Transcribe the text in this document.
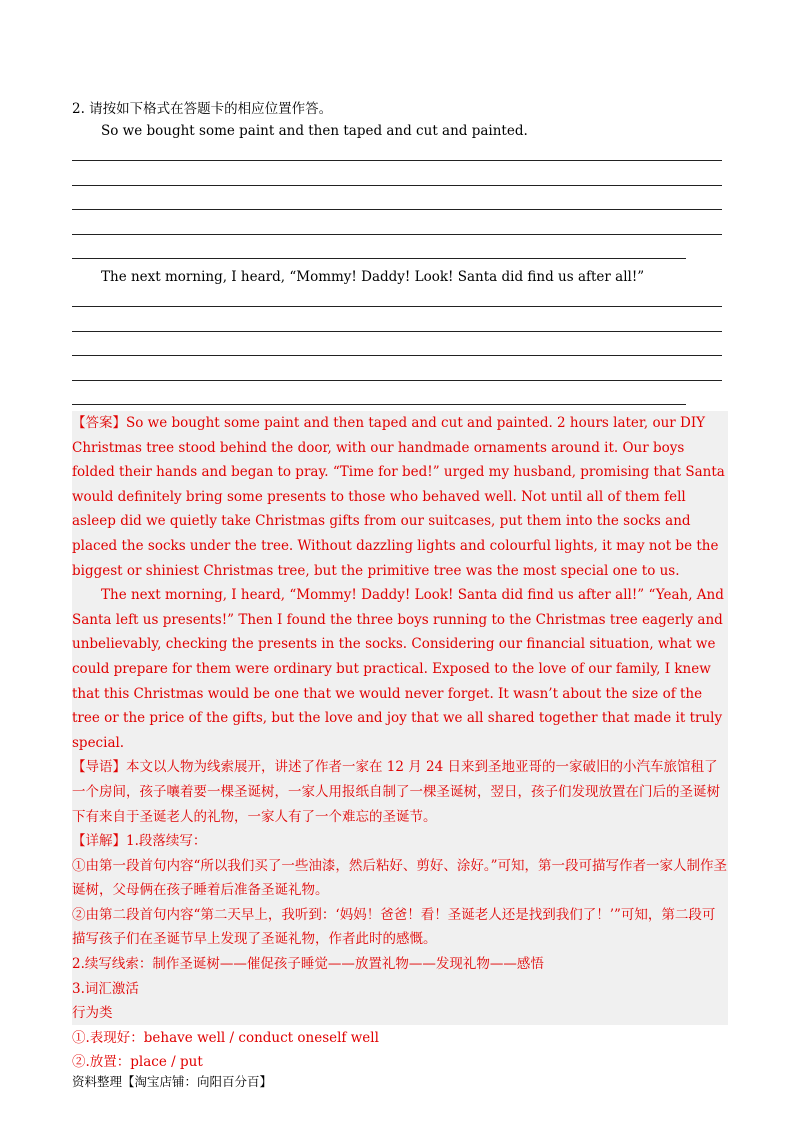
2. 请按如下格式在答题卡的相应位置作答。
So we bought some paint and then taped and cut and painted.
The next morning, I heard, “Mommy! Daddy! Look! Santa did find us after all!”

【答案】So we bought some paint and then taped and cut and painted. 2 hours later, our DIY Christmas tree stood behind the door, with our handmade ornaments around it. Our boys folded their hands and began to pray. “Time for bed!” urged my husband, promising that Santa would definitely bring some presents to those who behaved well. Not until all of them fell asleep did we quietly take Christmas gifts from our suitcases, put them into the socks and placed the socks under the tree. Without dazzling lights and colourful lights, it may not be the biggest or shiniest Christmas tree, but the primitive tree was the most special one to us.

The next morning, I heard, “Mommy! Daddy! Look! Santa did find us after all!” “Yeah, And Santa left us presents!” Then I found the three boys running to the Christmas tree eagerly and unbelievably, checking the presents in the socks. Considering our financial situation, what we could prepare for them were ordinary but practical. Exposed to the love of our family, I knew that this Christmas would be one that we would never forget. It wasn’t about the size of the tree or the price of the gifts, but the love and joy that we all shared together that made it truly special.

【导语】本文以人物为线索展开，讲述了作者一家在 12 月 24 日来到圣地亚哥的一家破旧的小汽车旅馆租了一个房间，孩子嚷着要一棵圣诞树，一家人用报纸自制了一棵圣诞树，翌日，孩子们发现放置在门后的圣诞树下有来自于圣诞老人的礼物，一家人有了一个难忘的圣诞节。

【详解】1.段落续写：

①由第一段首句内容“所以我们买了一些油漆，然后粘好、剪好、涂好。”可知，第一段可描写作者一家人制作圣诞树，父母俩在孩子睡着后准备圣诞礼物。

②由第二段首句内容“第二天早上，我听到：‘妈妈！爸爸！看！圣诞老人还是找到我们了！’”可知，第二段可描写孩子们在圣诞节早上发现了圣诞礼物，作者此时的感慨。

2.续写线索：制作圣诞树——催促孩子睡觉——放置礼物——发现礼物——感悟

3.词汇激活

行为类

①.表现好：behave well / conduct oneself well

②.放置：place / put

资料整理【淘宝店铺：向阳百分百】
